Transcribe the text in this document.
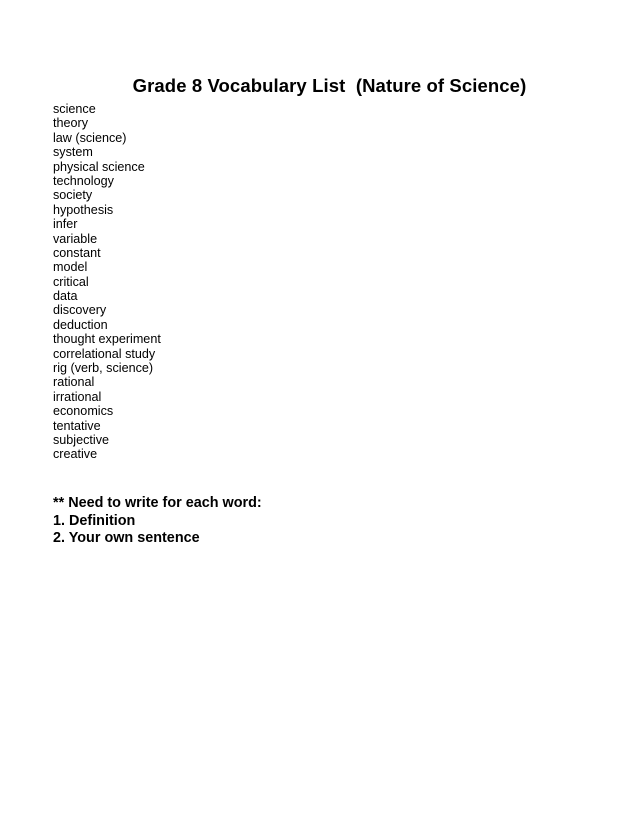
Grade 8 Vocabulary List  (Nature of Science)

science
theory
law (science)
system
physical science
technology
society
hypothesis
infer
variable
constant
model
critical
data
discovery
deduction
thought experiment
correlational study
rig (verb, science)
rational
irrational
economics
tentative
subjective
creative
** Need to write for each word:
1. Definition
2. Your own sentence
